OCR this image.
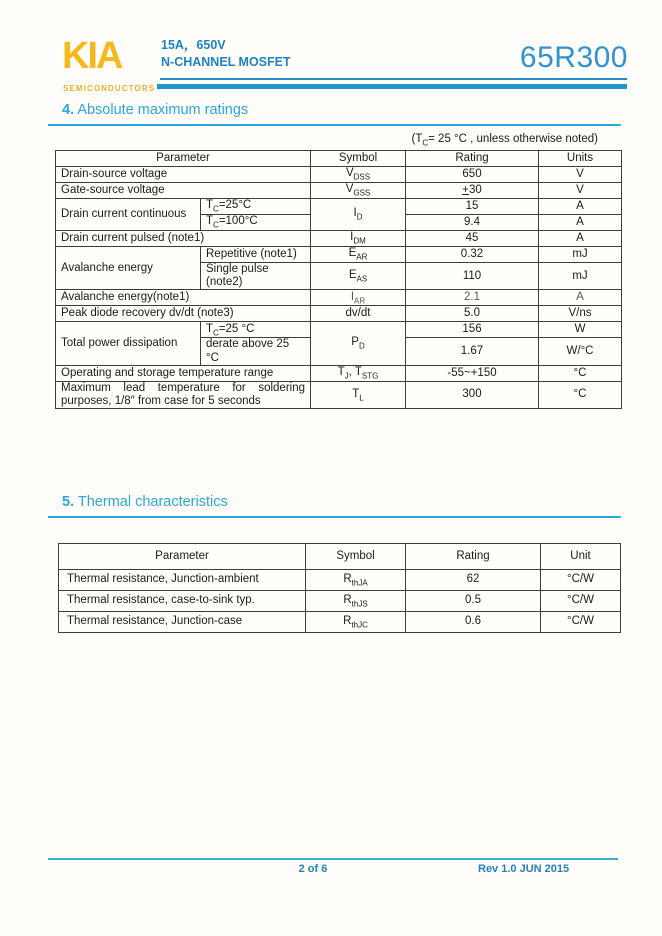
KIA
SEMICONDUCTORS
15A，650V
N-CHANNEL MOSFET	65R300
4. Absolute maximum ratings
($T_C= 25$ °C , unless otherwise noted)
Parameter		Symbol	Rating	Units
Drain-source voltage		$V_{DSS}$	650	V
Gate-source voltage		$V_{GSS}$	+30	V
Drain current continuous	$T_C=25^\circ C$	$I_D$	15	A
	$T_C=100^\circ C$		9.4	A
Drain current pulsed (note1)		$I_{DM}$	45	A
Avalanche energy	Repetitive (note1)	$E_{AR}$	0.32	mJ
	Single pulse (note2)	$E_{AS}$	110	mJ
Avalanche energy(note1)		$I_{AR}$	2.1	A
Peak diode recovery dv/dt (note3)		dv/dt	5.0	V/ns
Total power dissipation	$T_C=25$ °C	$P_D$	156	W
	derate above 25 °C		1.67	W/°C
Operating and storage temperature range		$T_J$, $T_{STG}$	-55~+150	°C
Maximum lead temperature for soldering purposes, 1/8″ from case for 5 seconds		$T_L$	300	°C
5. Thermal characteristics
Parameter	Symbol	Rating	Unit
Thermal resistance, Junction-ambient	$R_{thJA}$	62	°C/W
Thermal resistance, case-to-sink typ.	$R_{thJS}$	0.5	°C/W
Thermal resistance, Junction-case	$R_{thJC}$	0.6	°C/W
2 of 6	Rev 1.0 JUN 2015
